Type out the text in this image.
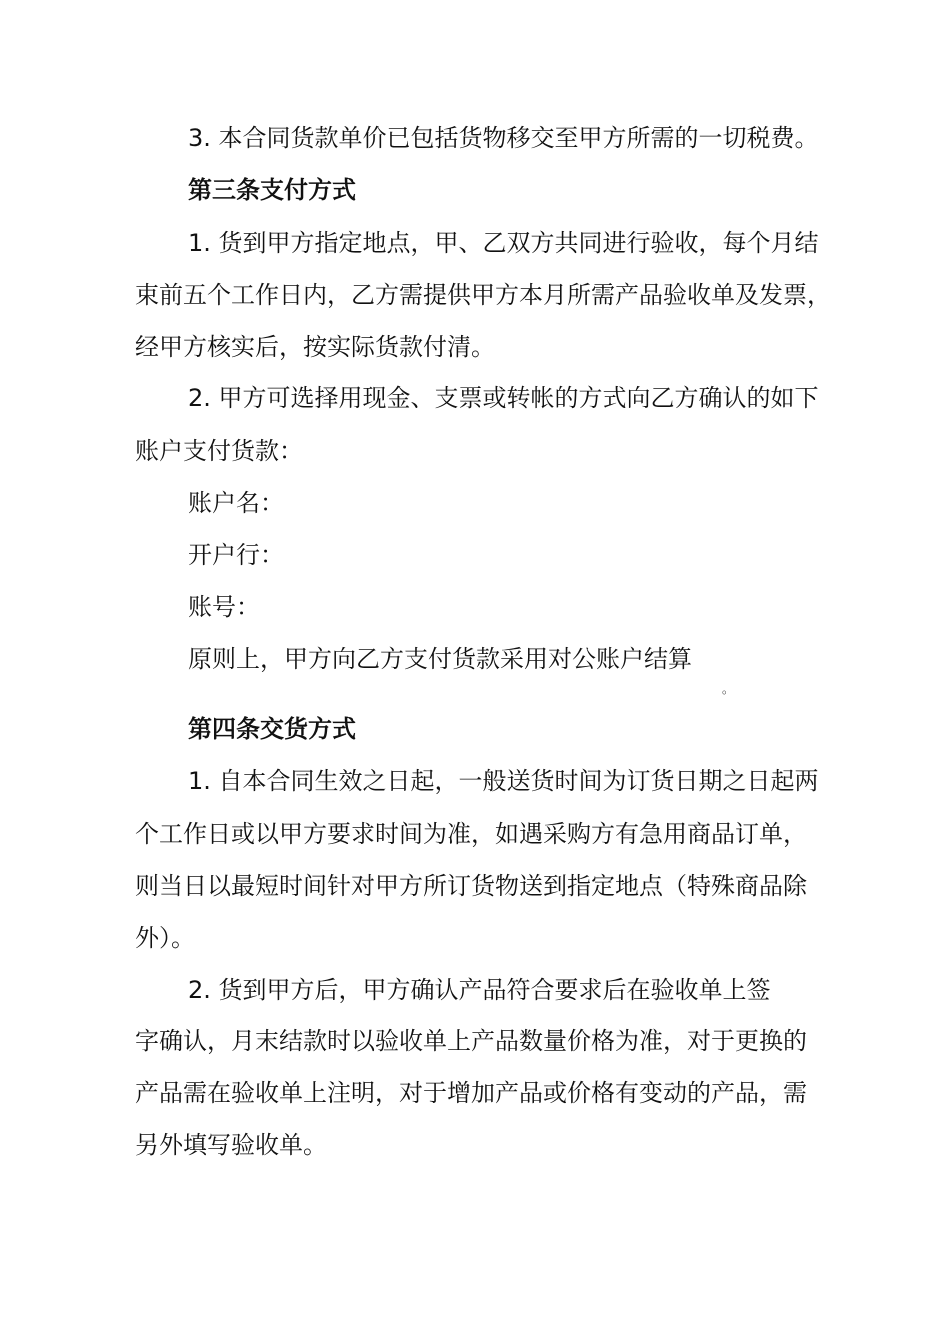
3. 本合同货款单价已包括货物移交至甲方所需的一切税费。
第三条支付方式
1. 货到甲方指定地点，甲、乙双方共同进行验收，每个月结
束前五个工作日内，乙方需提供甲方本月所需产品验收单及发票，
经甲方核实后，按实际货款付清。
2. 甲方可选择用现金、支票或转帐的方式向乙方确认的如下
账户支付货款：
账户名：
开户行：
账号：
原则上，甲方向乙方支付货款采用对公账户结算
。
第四条交货方式
1. 自本合同生效之日起，一般送货时间为订货日期之日起两
个工作日或以甲方要求时间为准，如遇采购方有急用商品订单，
则当日以最短时间针对甲方所订货物送到指定地点（特殊商品除
外）。
2. 货到甲方后，甲方确认产品符合要求后在验收单上签
字确认，月末结款时以验收单上产品数量价格为准，对于更换的
产品需在验收单上注明，对于增加产品或价格有变动的产品，需
另外填写验收单。
